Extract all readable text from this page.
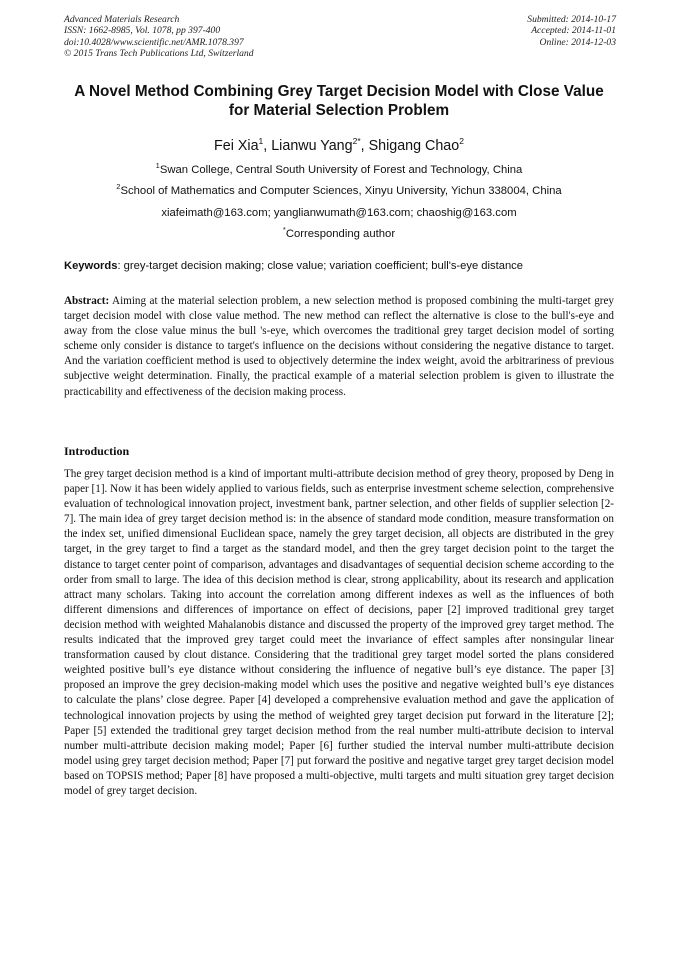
Advanced Materials Research
ISSN: 1662-8985, Vol. 1078, pp 397-400
doi:10.4028/www.scientific.net/AMR.1078.397
© 2015 Trans Tech Publications Ltd, Switzerland
Submitted: 2014-10-17
Accepted: 2014-11-01
Online: 2014-12-03
A Novel Method Combining Grey Target Decision Model with Close Value
for Material Selection Problem
Fei Xia$^1$, Lianwu Yang$^{2*}$, Shigang Chao$^2$
$^1$Swan College, Central South University of Forest and Technology, China
$^2$School of Mathematics and Computer Sciences, Xinyu University, Yichun 338004, China
xiafeimath@163.com; yanglianwumath@163.com; chaoshig@163.com
*Corresponding author
Keywords: grey-target decision making; close value; variation coefficient; bull's-eye distance
Abstract: Aiming at the material selection problem, a new selection method is proposed combining the multi-target grey target decision model with close value method. The new method can reflect the alternative is close to the bull's-eye and away from the close value minus the bull 's-eye, which overcomes the traditional grey target decision model of sorting scheme only consider is distance to target's influence on the decisions without considering the negative distance to target. And the variation coefficient method is used to objectively determine the index weight, avoid the arbitrariness of previous subjective weight determination. Finally, the practical example of a material selection problem is given to illustrate the practicability and effectiveness of the decision making process.
Introduction
The grey target decision method is a kind of important multi-attribute decision method of grey theory, proposed by Deng in paper [1]. Now it has been widely applied to various fields, such as enterprise investment scheme selection, comprehensive evaluation of technological innovation project, investment bank, partner selection, and other fields of supplier selection [2-7]. The main idea of grey target decision method is: in the absence of standard mode condition, measure transformation on the index set, unified dimensional Euclidean space, namely the grey target decision, all objects are distributed in the grey target, in the grey target to find a target as the standard model, and then the grey target decision point to the target the distance to target center point of comparison, advantages and disadvantages of sequential decision scheme according to the order from small to large. The idea of this decision method is clear, strong applicability, about its research and application attract many scholars. Taking into account the correlation among different indexes as well as the influences of both different dimensions and differences of importance on effect of decisions, paper [2] improved traditional grey target decision method with weighted Mahalanobis distance and discussed the property of the improved grey target method. The results indicated that the improved grey target could meet the invariance of effect samples after nonsingular linear transformation caused by clout distance. Considering that the traditional grey target model sorted the plans considered weighted positive bull’s eye distance without considering the influence of negative bull’s eye distance. The paper [3] proposed an improve the grey decision-making model which uses the positive and negative weighted bull’s eye distances to calculate the plans’ close degree. Paper [4] developed a comprehensive evaluation method and gave the application of technological innovation projects by using the method of weighted grey target decision put forward in the literature [2]; Paper [5] extended the traditional grey target decision method from the real number multi-attribute decision to interval number multi-attribute decision making model; Paper [6] further studied the interval number multi-attribute decision model using grey target decision method; Paper [7] put forward the positive and negative target grey target decision model based on TOPSIS method; Paper [8] have proposed a multi-objective, multi targets and multi situation grey target decision model of grey target decision.
